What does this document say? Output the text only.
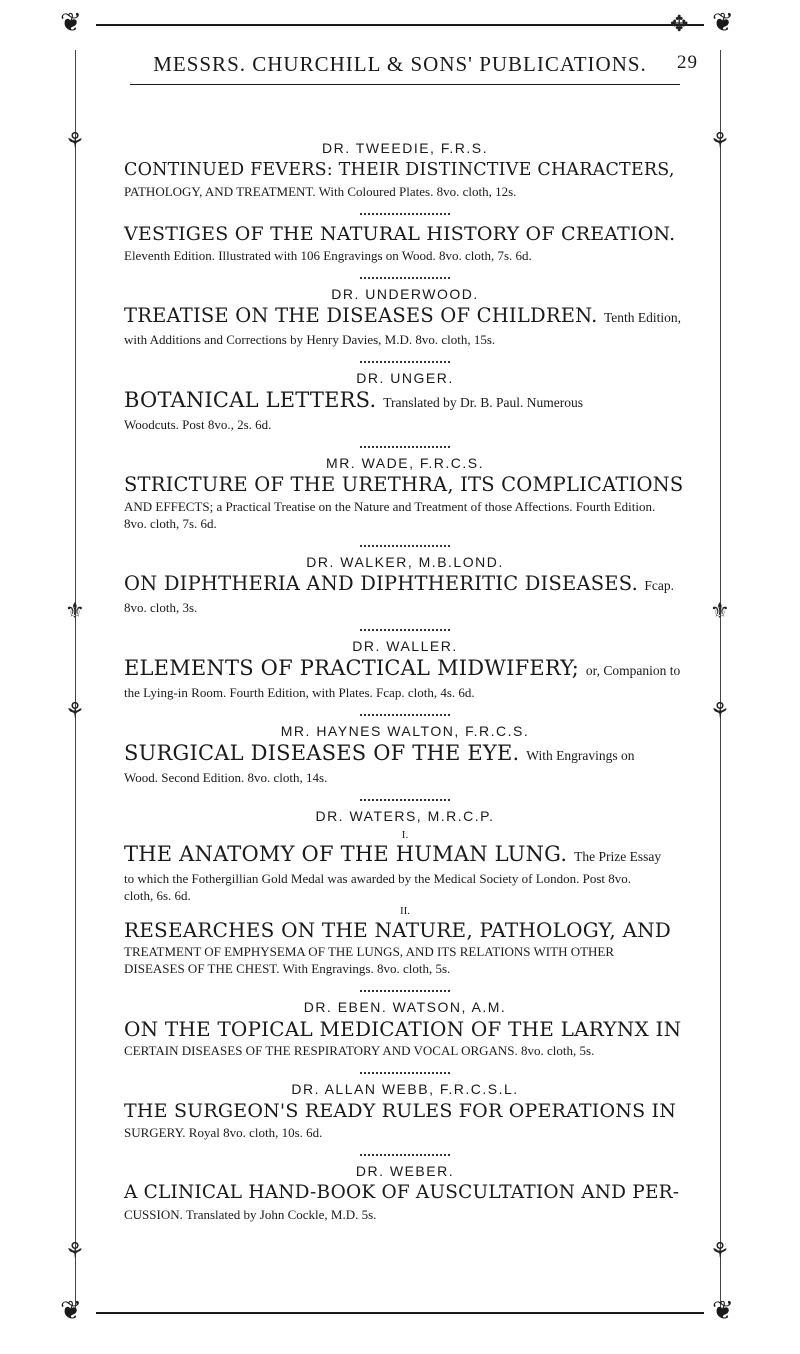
❦	❦
✥
MESSRS. CHURCHILL & SONS' PUBLICATIONS. 29
⚘	⚘
⚜	⚜
⚘	⚘
⚘	⚘
❦	❦
DR. TWEEDIE, F.R.S.
CONTINUED FEVERS: THEIR DISTINCTIVE CHARACTERS,
PATHOLOGY, AND TREATMENT. With Coloured Plates. 8vo. cloth, 12s.
VESTIGES OF THE NATURAL HISTORY OF CREATION.
Eleventh Edition. Illustrated with 106 Engravings on Wood. 8vo. cloth, 7s. 6d.
DR. UNDERWOOD.
TREATISE ON THE DISEASES OF CHILDREN. Tenth Edition,
with Additions and Corrections by Henry Davies, M.D. 8vo. cloth, 15s.
DR. UNGER.
BOTANICAL LETTERS. Translated by Dr. B. Paul. Numerous
Woodcuts. Post 8vo., 2s. 6d.
MR. WADE, F.R.C.S.
STRICTURE OF THE URETHRA, ITS COMPLICATIONS
AND EFFECTS; a Practical Treatise on the Nature and Treatment of those Affections. Fourth Edition. 8vo. cloth, 7s. 6d.
DR. WALKER, M.B.LOND.
ON DIPHTHERIA AND DIPHTHERITIC DISEASES. Fcap.
8vo. cloth, 3s.
DR. WALLER.
ELEMENTS OF PRACTICAL MIDWIFERY; or, Companion to
the Lying-in Room. Fourth Edition, with Plates. Fcap. cloth, 4s. 6d.
MR. HAYNES WALTON, F.R.C.S.
SURGICAL DISEASES OF THE EYE. With Engravings on
Wood. Second Edition. 8vo. cloth, 14s.
DR. WATERS, M.R.C.P.
I.
THE ANATOMY OF THE HUMAN LUNG. The Prize Essay
to which the Fothergillian Gold Medal was awarded by the Medical Society of London. Post 8vo. cloth, 6s. 6d.
II.
RESEARCHES ON THE NATURE, PATHOLOGY, AND
TREATMENT OF EMPHYSEMA OF THE LUNGS, AND ITS RELATIONS WITH OTHER DISEASES OF THE CHEST. With Engravings. 8vo. cloth, 5s.
DR. EBEN. WATSON, A.M.
ON THE TOPICAL MEDICATION OF THE LARYNX IN
CERTAIN DISEASES OF THE RESPIRATORY AND VOCAL ORGANS. 8vo. cloth, 5s.
DR. ALLAN WEBB, F.R.C.S.L.
THE SURGEON'S READY RULES FOR OPERATIONS IN
SURGERY. Royal 8vo. cloth, 10s. 6d.
DR. WEBER.
A CLINICAL HAND-BOOK OF AUSCULTATION AND PER-
CUSSION. Translated by John Cockle, M.D. 5s.
